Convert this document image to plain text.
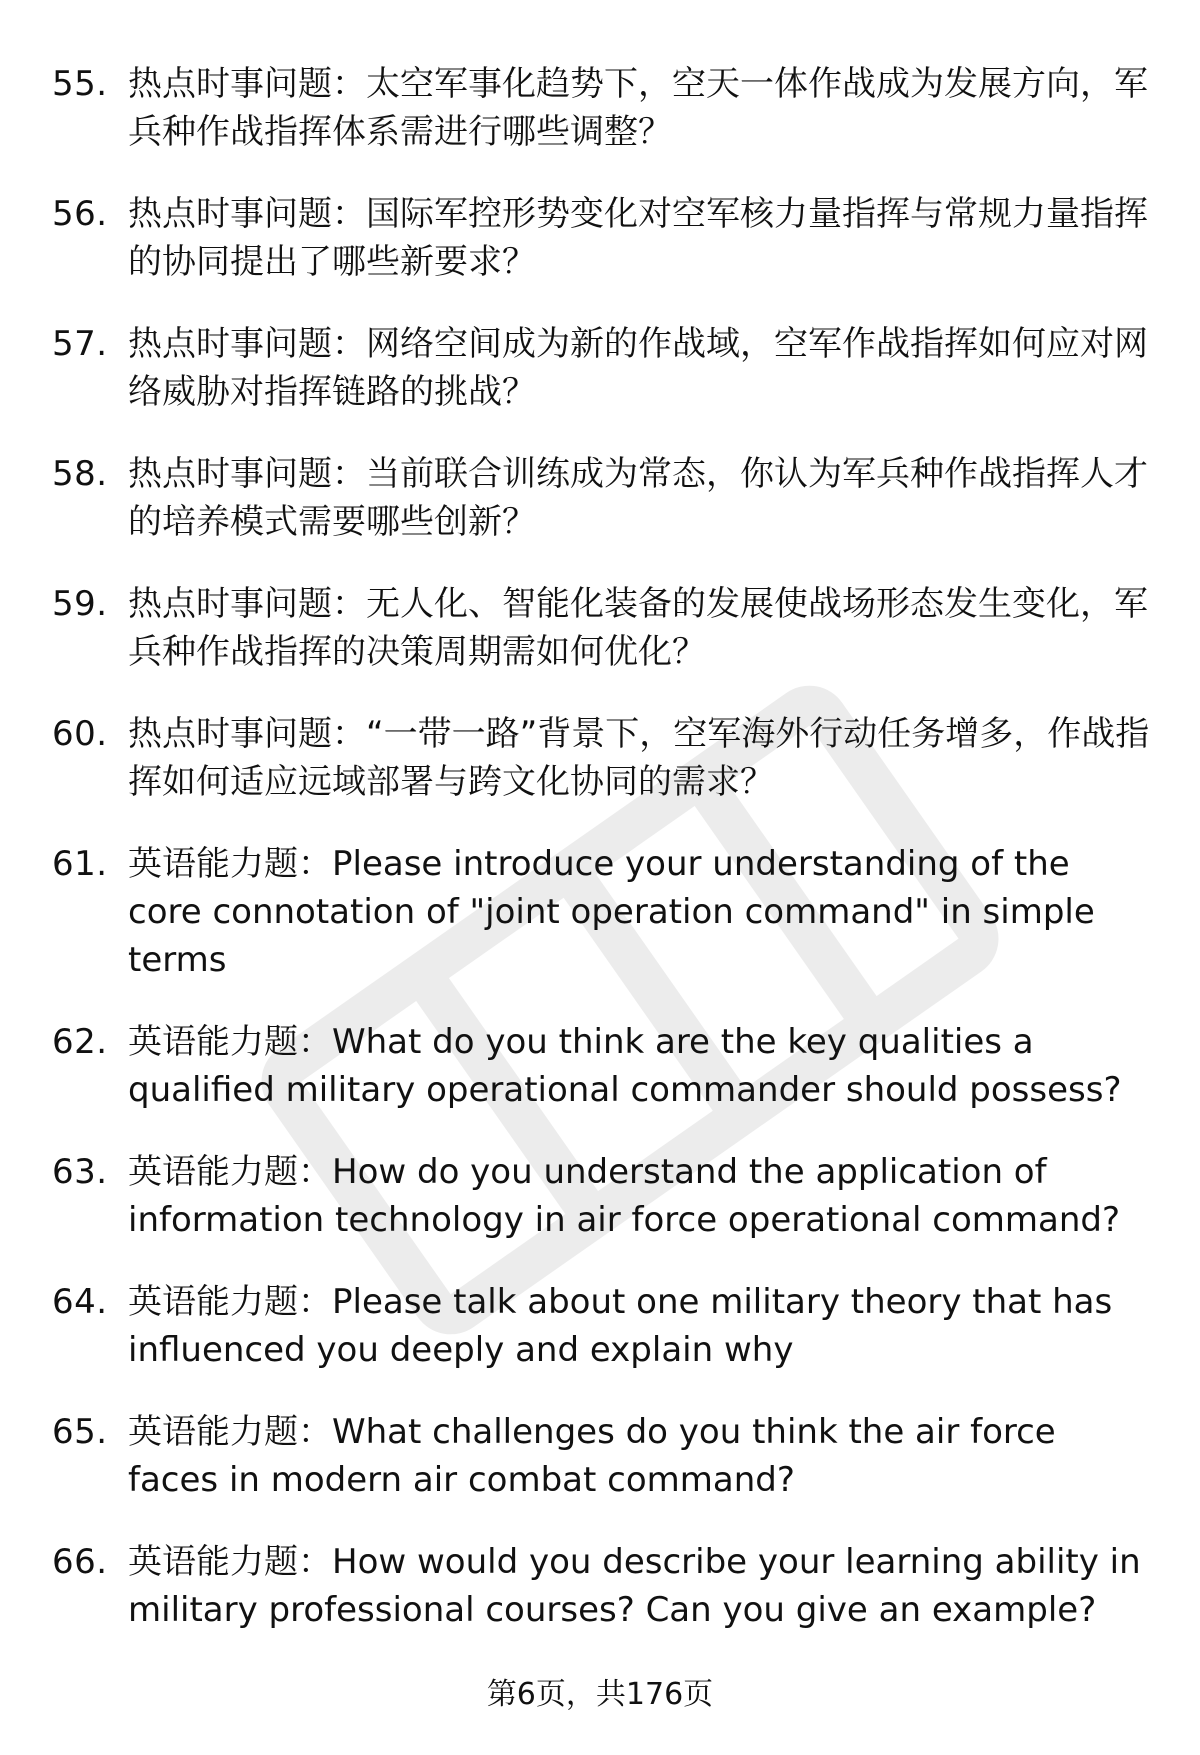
55. 热点时事问题：太空军事化趋势下，空天一体作战成为发展方向，军兵种作战指挥体系需进行哪些调整？
56. 热点时事问题：国际军控形势变化对空军核力量指挥与常规力量指挥的协同提出了哪些新要求？
57. 热点时事问题：网络空间成为新的作战域，空军作战指挥如何应对网络威胁对指挥链路的挑战？
58. 热点时事问题：当前联合训练成为常态，你认为军兵种作战指挥人才的培养模式需要哪些创新？
59. 热点时事问题：无人化、智能化装备的发展使战场形态发生变化，军兵种作战指挥的决策周期需如何优化？
60. 热点时事问题：“一带一路”背景下，空军海外行动任务增多，作战指挥如何适应远域部署与跨文化协同的需求？
61. 英语能力题：Please introduce your understanding of the core connotation of "joint operation command" in simple terms
62. 英语能力题：What do you think are the key qualities a qualified military operational commander should possess?
63. 英语能力题：How do you understand the application of information technology in air force operational command?
64. 英语能力题：Please talk about one military theory that has influenced you deeply and explain why
65. 英语能力题：What challenges do you think the air force faces in modern air combat command?
66. 英语能力题：How would you describe your learning ability in military professional courses? Can you give an example?
第6页，共176页
